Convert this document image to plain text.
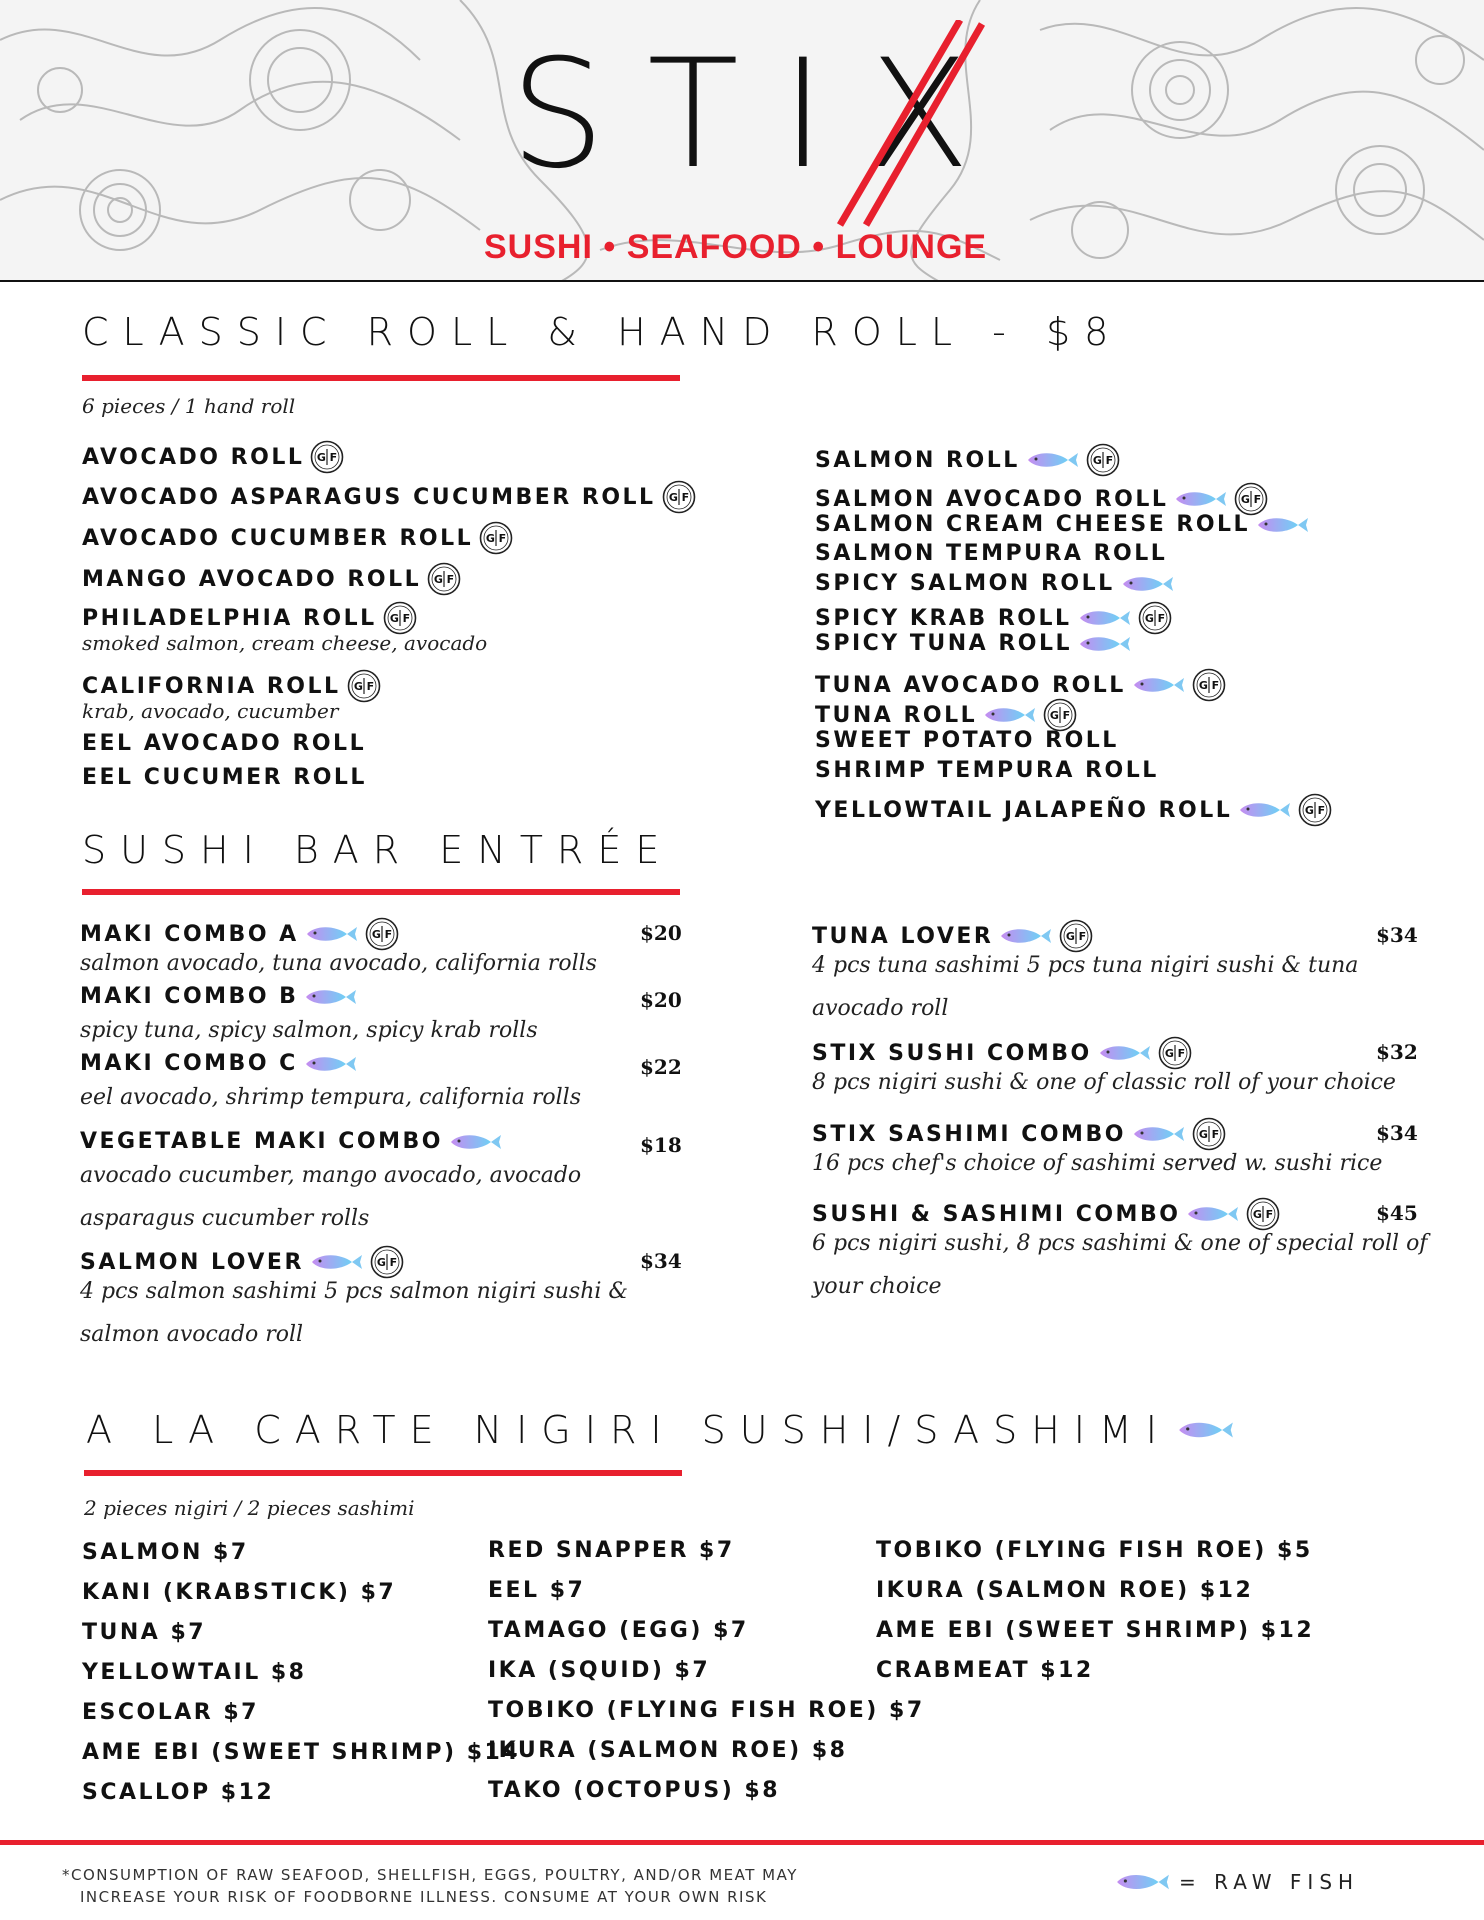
STIX
SUSHI • SEAFOOD • LOUNGE
CLASSIC ROLL & HAND ROLL - $8
6 pieces / 1 hand roll
AVOCADO ROLL G F
AVOCADO ASPARAGUS CUCUMBER ROLL G F
AVOCADO CUCUMBER ROLL G F
MANGO AVOCADO ROLL G F
PHILADELPHIA ROLL G F
smoked salmon, cream cheese, avocado
CALIFORNIA ROLL G F
krab, avocado, cucumber
EEL AVOCADO ROLL
EEL CUCUMER ROLL
SALMON ROLL	G F
SALMON AVOCADO ROLL	G F
SALMON CREAM CHEESE ROLL
SALMON TEMPURA ROLL
SPICY SALMON ROLL
SPICY KRAB ROLL	G F
SPICY TUNA ROLL
TUNA AVOCADO ROLL	G F
TUNA ROLL	G F
SWEET POTATO ROLL
SHRIMP TEMPURA ROLL
YELLOWTAIL JALAPEÑO ROLL	G F
SUSHI BAR ENTRÉE
MAKI COMBO A	G F	$20
salmon avocado, tuna avocado, california rolls
MAKI COMBO B	$20
spicy tuna, spicy salmon, spicy krab rolls
MAKI COMBO C	$22
eel avocado, shrimp tempura, california rolls
VEGETABLE MAKI COMBO	$18
avocado cucumber, mango avocado, avocado
asparagus cucumber rolls
SALMON LOVER	G F	$34
4 pcs salmon sashimi 5 pcs salmon nigiri sushi &
salmon avocado roll
TUNA LOVER	G F	$34
4 pcs tuna sashimi 5 pcs tuna nigiri sushi & tuna
avocado roll
STIX SUSHI COMBO	G F	$32
8 pcs nigiri sushi & one of classic roll of your choice
STIX SASHIMI COMBO	G F	$34
16 pcs chef's choice of sashimi served w. sushi rice
SUSHI & SASHIMI COMBO	G F	$45
6 pcs nigiri sushi, 8 pcs sashimi & one of special roll of
your choice
A LA CARTE NIGIRI SUSHI/SASHIMI
2 pieces nigiri / 2 pieces sashimi
SALMON $7
KANI (KRABSTICK) $7
TUNA $7
YELLOWTAIL $8
ESCOLAR $7
AME EBI (SWEET SHRIMP) $14
SCALLOP $12
RED SNAPPER $7
EEL $7
TAMAGO (EGG) $7
IKA (SQUID) $7
TOBIKO (FLYING FISH ROE) $7
IKURA (SALMON ROE) $8
TAKO (OCTOPUS) $8
TOBIKO (FLYING FISH ROE) $5
IKURA (SALMON ROE) $12
AME EBI (SWEET SHRIMP) $12
CRABMEAT $12
*CONSUMPTION OF RAW SEAFOOD, SHELLFISH, EGGS, POULTRY, AND/OR MEAT MAY
INCREASE YOUR RISK OF FOODBORNE ILLNESS. CONSUME AT YOUR OWN RISK
= RAW FISH
